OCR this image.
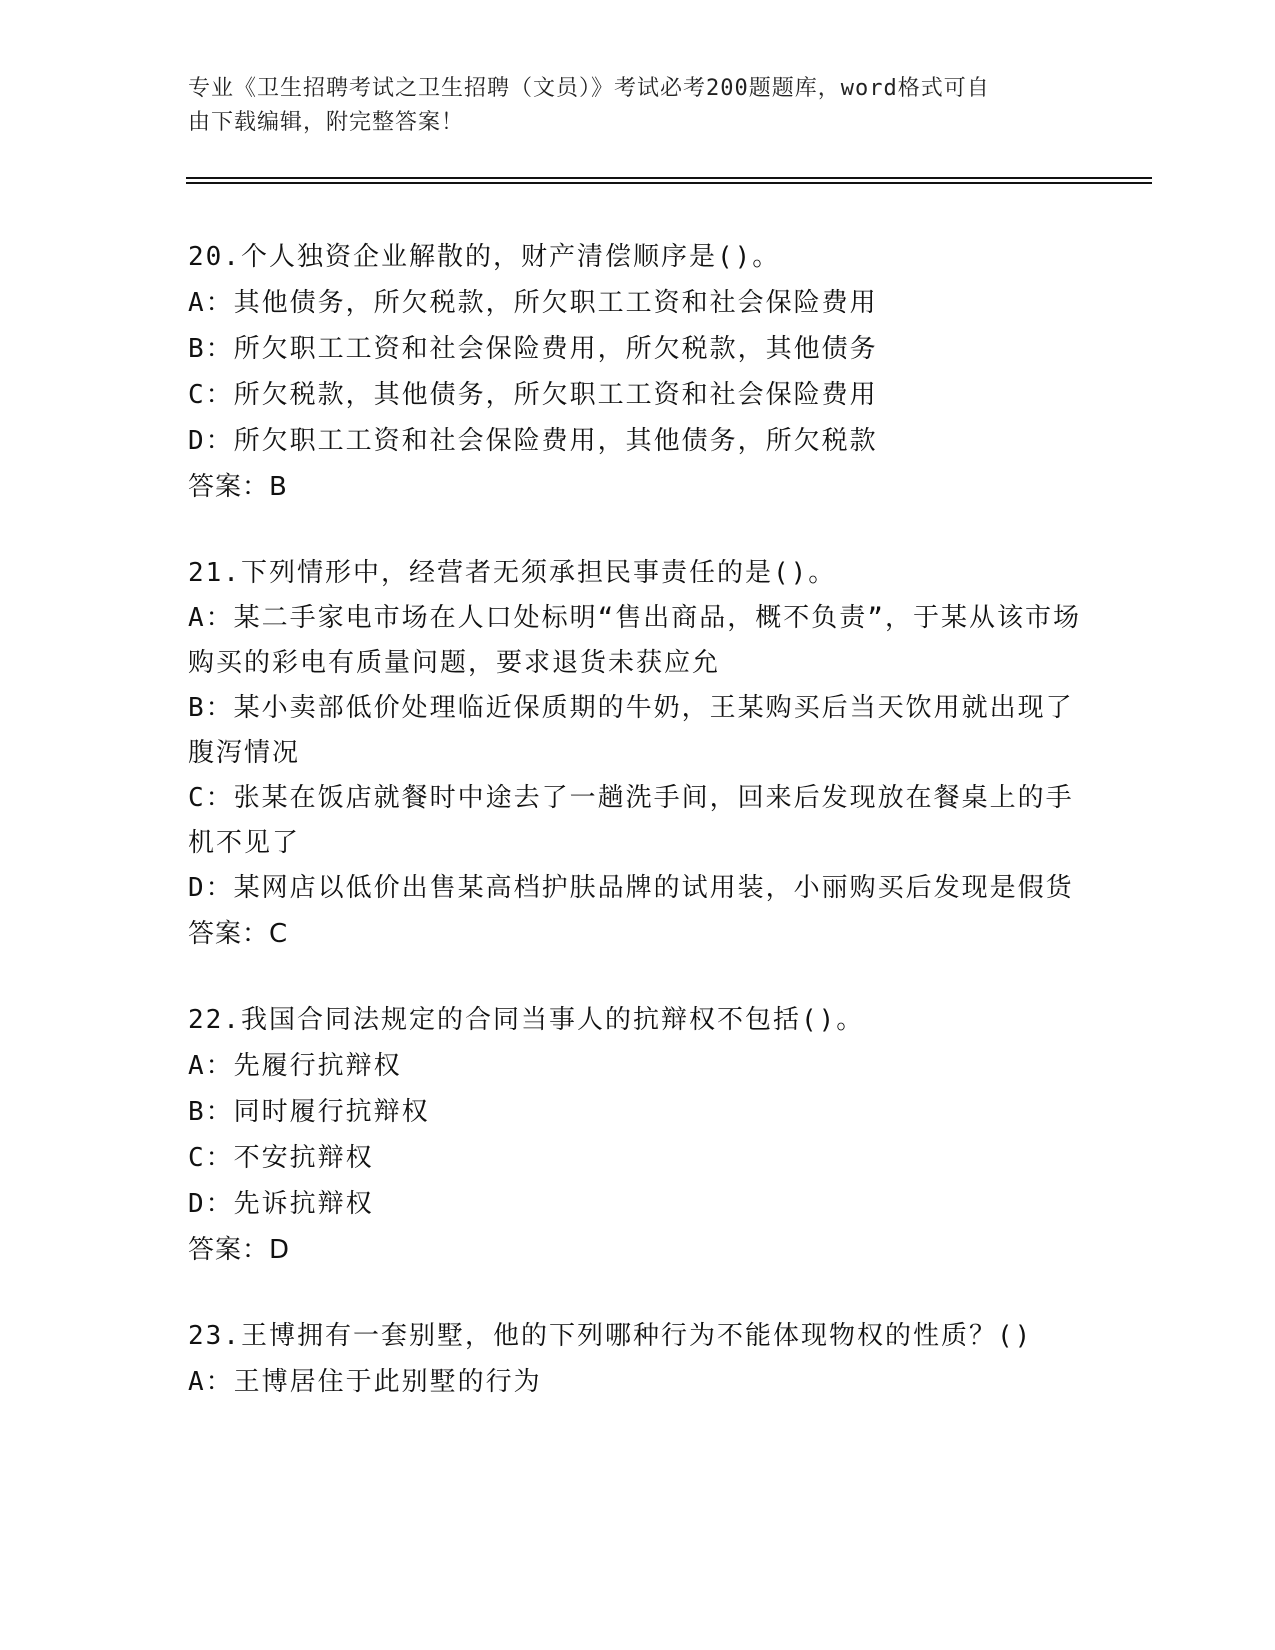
专业《卫生招聘考试之卫生招聘（文员）》考试必考200题题库，word格式可自
由下载编辑，附完整答案！
20.个人独资企业解散的，财产清偿顺序是()。
A：其他债务，所欠税款，所欠职工工资和社会保险费用
B：所欠职工工资和社会保险费用，所欠税款，其他债务
C：所欠税款，其他债务，所欠职工工资和社会保险费用
D：所欠职工工资和社会保险费用，其他债务，所欠税款
答案：B
21.下列情形中，经营者无须承担民事责任的是()。
A：某二手家电市场在人口处标明“售出商品，概不负责”，于某从该市场购买的彩电有质量问题，要求退货未获应允
B：某小卖部低价处理临近保质期的牛奶，王某购买后当天饮用就出现了腹泻情况
C：张某在饭店就餐时中途去了一趟洗手间，回来后发现放在餐桌上的手机不见了
D：某网店以低价出售某高档护肤品牌的试用装，小丽购买后发现是假货
答案：C
22.我国合同法规定的合同当事人的抗辩权不包括()。
A：先履行抗辩权
B：同时履行抗辩权
C：不安抗辩权
D：先诉抗辩权
答案：D
23.王博拥有一套别墅，他的下列哪种行为不能体现物权的性质？()
A：王博居住于此别墅的行为
